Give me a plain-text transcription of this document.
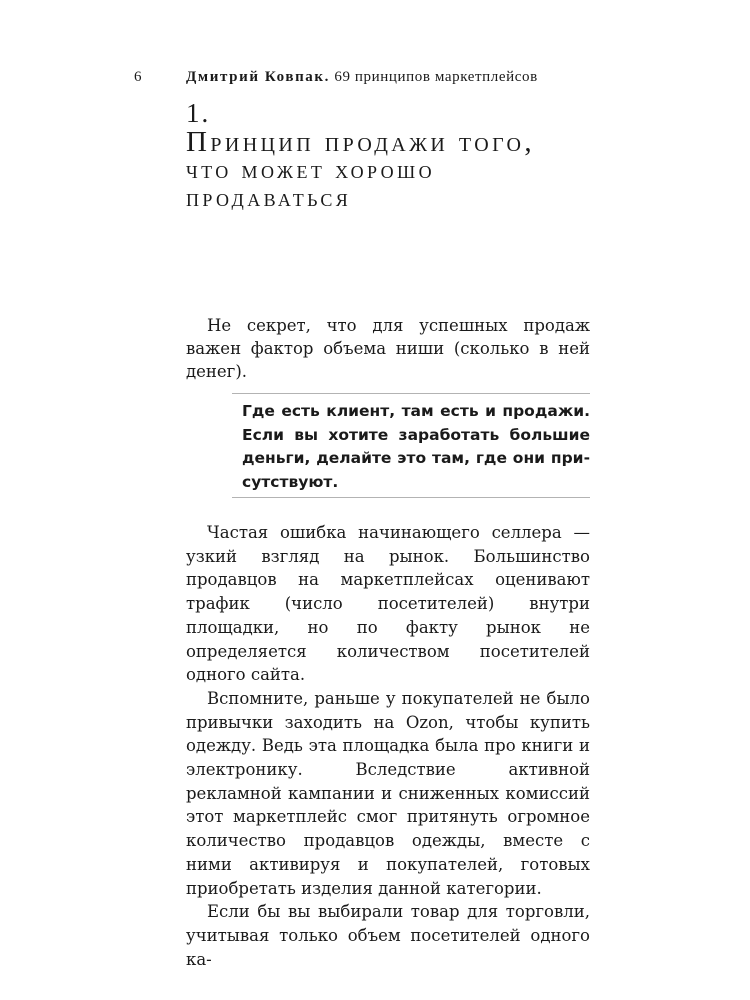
6	Дмитрий Ковпак. 69 принципов маркетплейсов
1.
Принцип продажи того,
что может хорошо
продаваться

Не секрет, что для успешных продаж важен фактор объема ниши (сколько в ней денег).

Где есть клиент, там есть и продажи. Если вы хотите заработать большие деньги, делайте это там, где они присутствуют.

Частая ошибка начинающего селлера — узкий взгляд на рынок. Большинство продавцов на маркетплейсах оценивают трафик (число посетителей) внутри площадки, но по факту рынок не определяется количеством посетителей одного сайта.

Вспомните, раньше у покупателей не было привычки заходить на Ozon, чтобы купить одежду. Ведь эта площадка была про книги и электронику. Вследствие активной рекламной кампании и сниженных комиссий этот маркетплейс смог притянуть огромное количество продавцов одежды, вместе с ними активируя и покупателей, готовых приобретать изделия данной категории.

Если бы вы выбирали товар для торговли, учитывая только объем посетителей одного ка-
